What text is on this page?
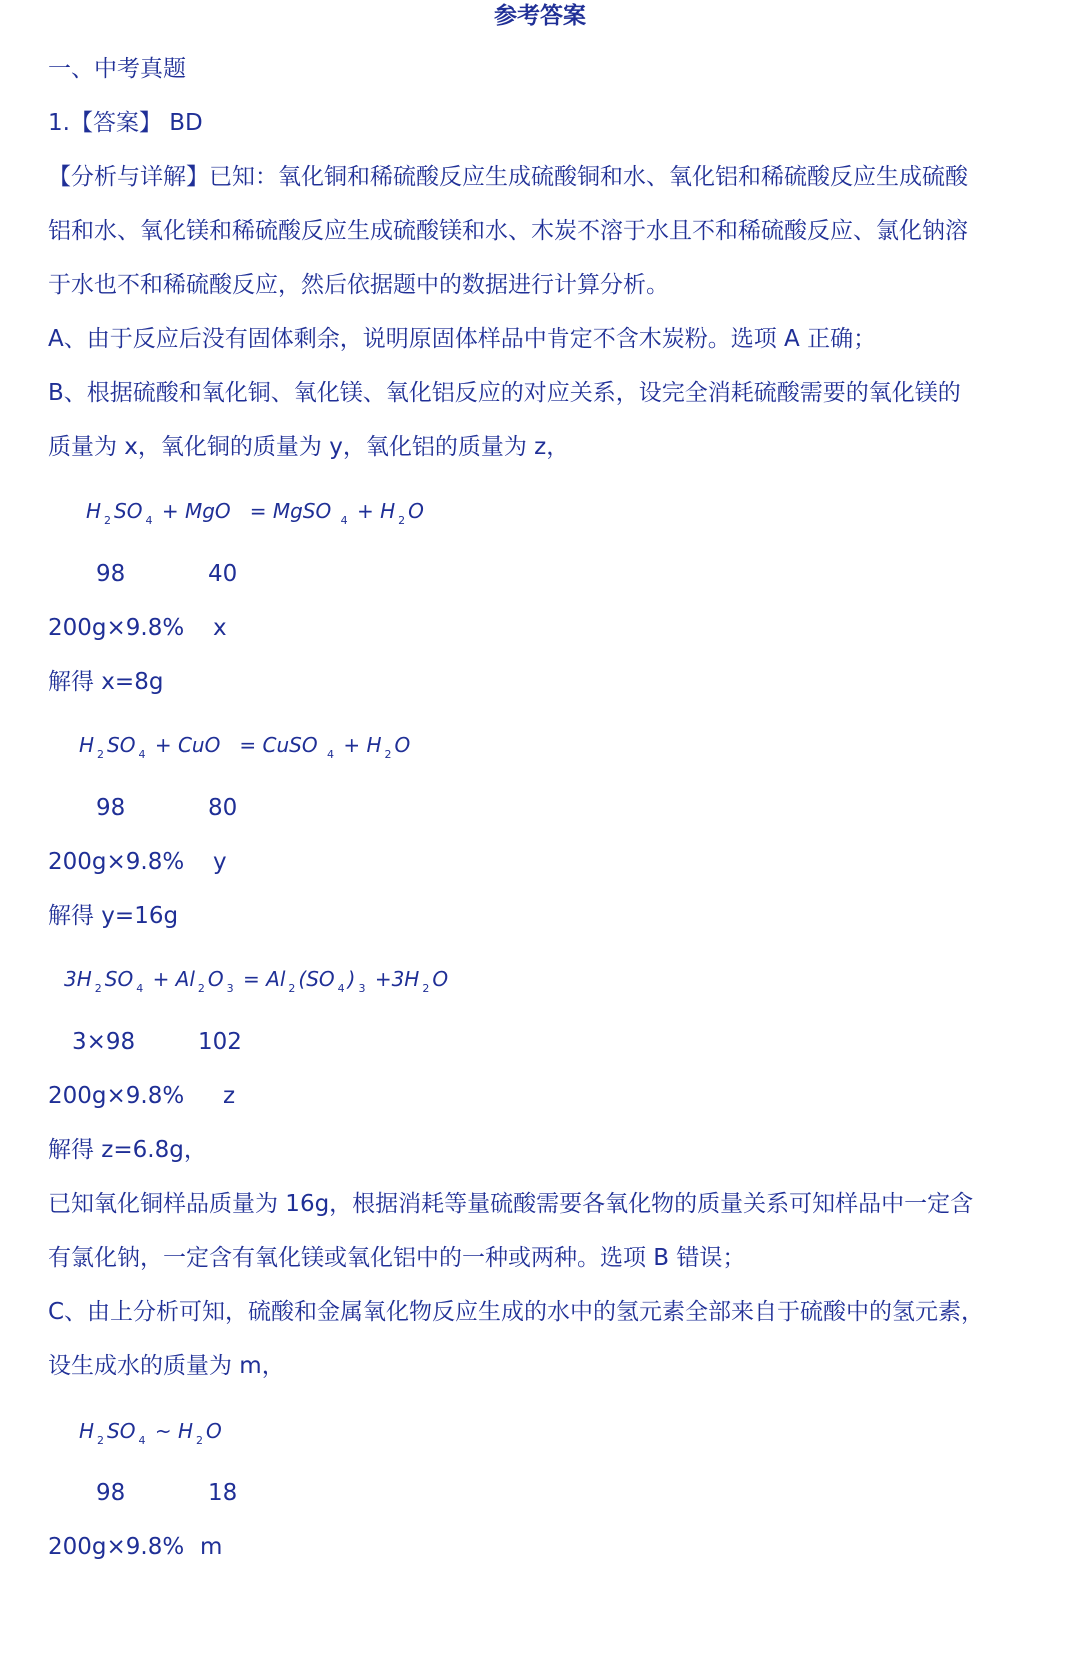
参考答案
一、中考真题
1.【答案】 BD
【分析与详解】已知：氧化铜和稀硫酸反应生成硫酸铜和水、氧化铝和稀硫酸反应生成硫酸
铝和水、氧化镁和稀硫酸反应生成硫酸镁和水、木炭不溶于水且不和稀硫酸反应、氯化钠溶
于水也不和稀硫酸反应，然后依据题中的数据进行计算分析。
A、由于反应后没有固体剩余，说明原固体样品中肯定不含木炭粉。选项 A 正确；
B、根据硫酸和氧化铜、氧化镁、氧化铝反应的对应关系，设完全消耗硫酸需要的氧化镁的
质量为 x，氧化铜的质量为 y，氧化铝的质量为 z，
H $_2$ SO $_4$ + MgO = MgSO $_4$ + H $_2$ O
98	40
200g×9.8% x
解得 x=8g
H $_2$ SO $_4$ + CuO = CuSO $_4$ + H $_2$ O
98	80
200g×9.8% y
解得 y=16g
3H $_2$ SO $_4$ + Al $_2$ O $_3$ = Al $_2$ (SO $_4$ ) $_3$ +3H $_2$ O
3×98	102
200g×9.8% z
解得 z=6.8g，
已知氧化铜样品质量为 16g，根据消耗等量硫酸需要各氧化物的质量关系可知样品中一定含
有氯化钠，一定含有氧化镁或氧化铝中的一种或两种。选项 B 错误；
C、由上分析可知，硫酸和金属氧化物反应生成的水中的氢元素全部来自于硫酸中的氢元素，
设生成水的质量为 m，
H $_2$ SO $_4$ ~ H $_2$ O
98	18
200g×9.8% m
